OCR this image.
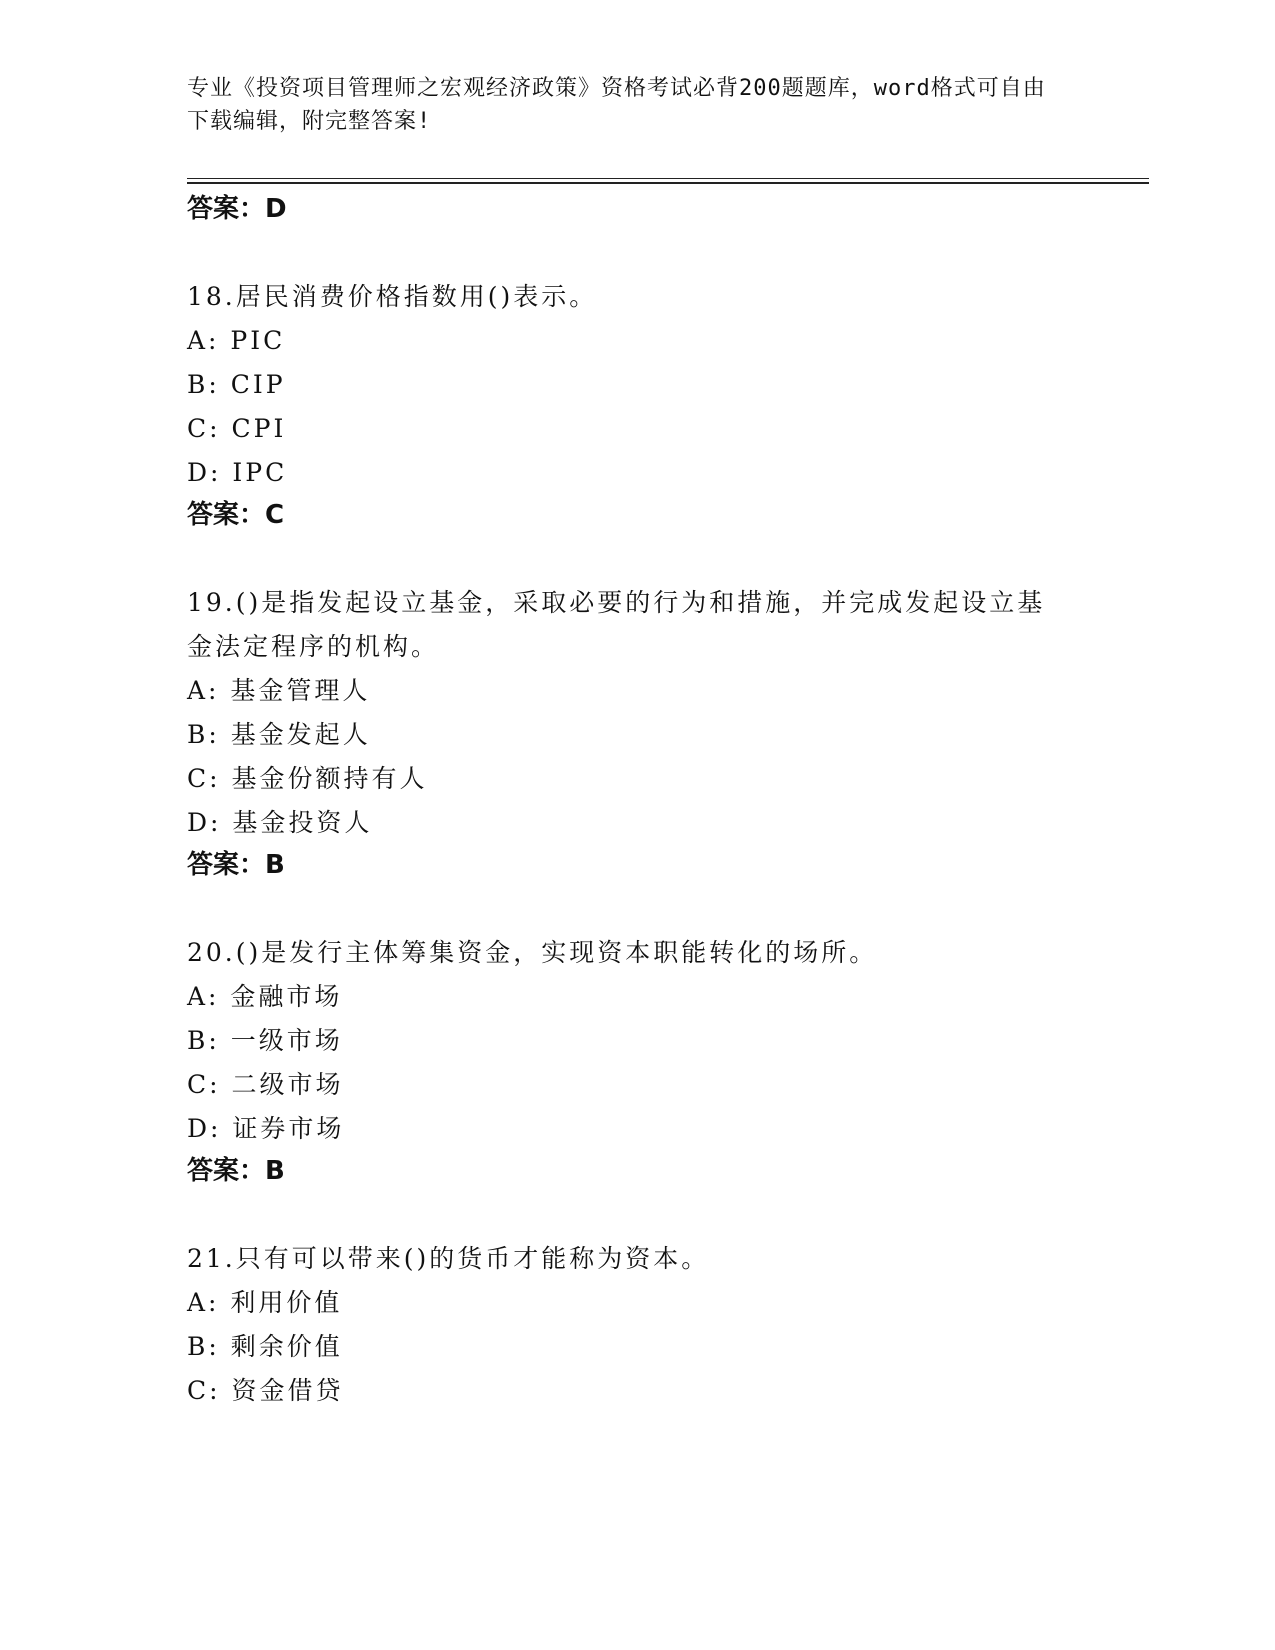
专业《投资项目管理师之宏观经济政策》资格考试必背200题题库，word格式可自由下载编辑，附完整答案!
答案：D
18.居民消费价格指数用()表示。
A: PIC
B: CIP
C: CPI
D: IPC
答案：C
19.()是指发起设立基金，采取必要的行为和措施，并完成发起设立基
金法定程序的机构。
A: 基金管理人
B: 基金发起人
C: 基金份额持有人
D: 基金投资人
答案：B
20.()是发行主体筹集资金，实现资本职能转化的场所。
A: 金融市场
B: 一级市场
C: 二级市场
D: 证券市场
答案：B
21.只有可以带来()的货币才能称为资本。
A: 利用价值
B: 剩余价值
C: 资金借贷
